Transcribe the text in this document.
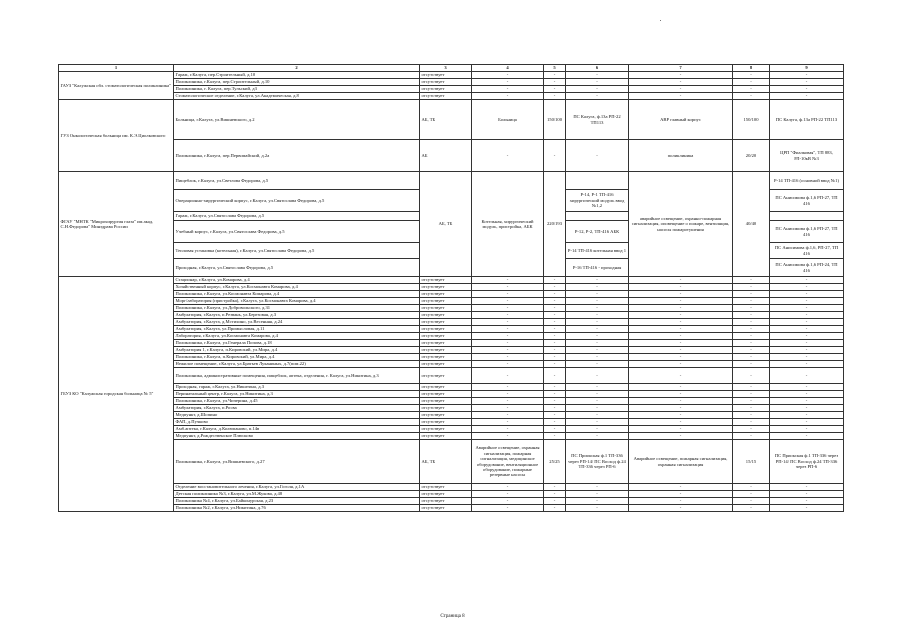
1	2	3	4	5	6	7	8	9
ГАУЗ "Калужская обл. стоматологическая поликлиника"	Гараж, г.Калуга, пер.Строительный, д.10	отсутствует	-	-	-	-	-	-
	Поликлиника, г.Калуга, пер.Строительный, д.10	отсутствует	-	-	-	-	-	-
	Поликлиника, г. Калуга, пер.Тульский, д3	отсутствует	-	-	-	-	-	-
	Стоматологическое отделение, г.Калуга, ул.Академическая, д.8	отсутствует	-	-	-	-	-	-
ГУЗ Онкологическая больница им. К.Э.Циолковского	Больница, г.Калуга, ул.Вишневского, д.2	АБ, ТБ	Больница	150/100	ПС Калуга, ф.13а РП-22 ТП113	АВР главный корпус	150/100	ПС Калуга, ф.13а РП-22 ТП113
	Поликлиника, г.Калуга, пер.Первомайский, д.2а	АБ	-	-	-	поликлиника	20/20	ЦРП "Фиалковая", ТП 883, РЛ-10кВ №3
ФГАУ "МНТК "Микрохирургия глаза" им.акад. С.Н.Федорова" Минздрава России	Пищеблок, г.Калуга, ул.Светлова Федорова, д.5	АБ, ТБ	Котельная, хирургический модуль, пристройка, АБК	220/193		аварийное освещение, охранно-пожарная сигнализация, оповещение о пожаре, вентиляция, насосы пожаротушения	40/40	Р-14 ТП-416 (основной ввод №1)
	Операционно-хирургический корпус, г.Калуга, ул.Святослава Федорова, д.5				Р-14, Р-1 ТП-416 хирургический модуль ввод №1,2			ПС Анисимова ф.1,6 РП-27, ТП 416
	Гараж, г.Калуга, ул.Святослава Федорова, д.5							
	Учебный корпус, г.Калуга, ул.Святослава Федорова, д.5				Р-12, Р-2, ТП-416 АБК			ПС Анисимова ф.1,6 РП-27, ТП 416
	Тепловая установка (котельная), г.Калуга, ул.Святослава Федорова, д.5				Р-14 ТП-416 котельная ввод 1			ПС Анисимова ф.1,6, РП-27, ТП 416
	Проходная, г.Калуга, ул.Святослава Федорова, д.5				Р-16 ТП-416 - проходная			ПС Анисимова ф.1,6 РП-24, ТП 416
ГБУЗ КО "Калужская городская больница № 5"	Стационар, г.Калуга, ул.Комарова, д.4	отсутствует	-	-	-	-	-	-
	Хозяйственный корпус, г.Калуга, ул.Космонавта Комарова, д.4	отсутствует	-	-	-	-	-	-
	Поликлиника, г.Калуга, ул.Космонавта Комарова, д.4	отсутствует	-	-	-	-	-	-
	Морг/лаборатория (пристройка), г.Калуга, ул.Космонавта Комарова, д.4	отсутствует	-	-	-	-	-	-
	Поликлиника, г.Калуга, ул.Добровольского, д.31	отсутствует	-	-	-	-	-	-
	Амбулатория, г.Калуга, п.Резвань, ул.Березовая, д.3	отсутствует	-	-	-	-	-	-
	Амбулатория, г.Калуга, д.Мстихино, ул.Весенняя, д.24	отсутствует	-	-	-	-	-	-
	Амбулатория, г.Калуга, ул.Промысловая, д.11	отсутствует	-	-	-	-	-	-
	Лаборатория, г.Калуга, ул.Космонавта Комарова, д.4	отсутствует	-	-	-	-	-	-
	Поликлиника, г.Калуга, ул.Генерала Попова, д.18	отсутствует	-	-	-	-	-	-
	Амбулатория 1, г.Калуга, п.Кировский, ул.Мира, д.4	отсутствует	-	-	-	-	-	-
	Поликлиника, г.Калуга, п.Кировский, ул.Мира, д.4	отсутствует	-	-	-	-	-	-
	Нежилое помещение, г.Калуга, ул.Братьев Луканиных, д.7(пом.22)	отсутствует	-	-	-	-	-	-
	Поликлиника, административные помещения, пищеблок, аптека, отделения, г. Калуга, ул.Никитина, д.3	отсутствует	-	-	-	-	-	-
	Проходная, гараж, г.Калуга, ул.Никитина, д.3	отсутствует	-	-	-	-	-	-
	Перинатальный центр, г.Калуга, ул.Никитина, д.3	отсутствует	-	-	-	-	-	-
	Поликлиника, г.Калуга, ул.Чичерина, д.45	отсутствует	-	-	-	-	-	-
	Амбулатория, г.Калуга, п.Росва	отсутствует	-	-	-	-	-	-
	Медпункт, д.Шопино	отсутствует	-	-	-	-	-	-
	ФАП, д.Пучково	отсутствует	-	-	-	-	-	-
	Амб.аптека, г.Калуга, д.Колюпаново, п.14в	отсутствует	-	-	-	-	-	-
	Медпункт, д.Рождественское Плюсково	отсутствует	-	-	-	-	-	-
	Поликлиника, г.Калуга, ул.Вишневского, д.27	АБ, ТБ	Аварийное освещение, охранная сигнализация, пожарная сигнализация, медицинское оборудование, вентиляционное оборудование, пожарные резервные насосы	25/25	ПС Приокская ф.1 ТП-336 через РП-14/ ПС Восход ф.24 ТП-336 через РП-6	Аварийное освещение, пожарная сигнализация, охранная сигнализация	15/15	ПС Приокская ф.1 ТП-336 через РП-14/ ПС Восход ф.24 ТП-336 через РП-6
	Отделение восстановительного лечения, г.Калуга, ул.Гоголя, д.1А	отсутствует	-	-	-	-	-	-
	Детская поликлиника №3, г.Калуга, ул.М.Жукова, д.48	отсутствует	-	-	-	-	-	-
	Поликлиника №4, г.Калуга, ул.Байконурская, д.23	отсутствует	-	-	-	-	-	-
	Поликлиника №2, г.Калуга, ул.Никитина, д.76	отсутствует	-	-	-	-	-	-
Страница 8
